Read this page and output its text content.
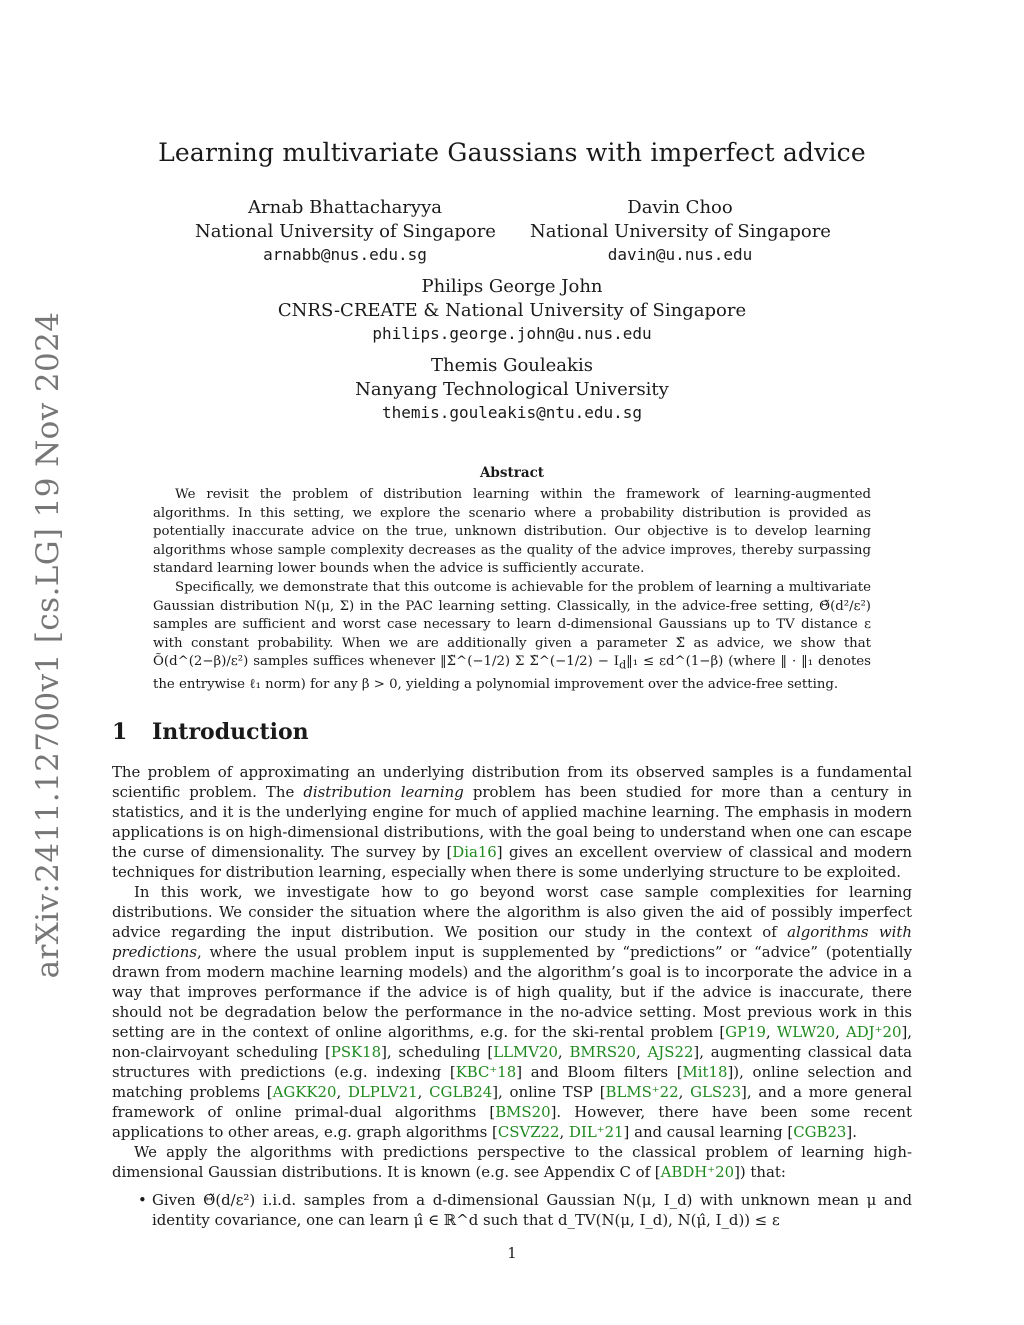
arXiv:2411.12700v1 [cs.LG] 19 Nov 2024
Learning multivariate Gaussians with imperfect advice
Arnab Bhattacharyya
National University of Singapore
arnabb@nus.edu.sg
Davin Choo
National University of Singapore
davin@u.nus.edu
Philips George John
CNRS-CREATE & National University of Singapore
philips.george.john@u.nus.edu
Themis Gouleakis
Nanyang Technological University
themis.gouleakis@ntu.edu.sg
Abstract

We revisit the problem of distribution learning within the framework of learning-augmented algorithms. In this setting, we explore the scenario where a probability distribution is provided as potentially inaccurate advice on the true, unknown distribution. Our objective is to develop learning algorithms whose sample complexity decreases as the quality of the advice improves, thereby surpassing standard learning lower bounds when the advice is sufficiently accurate.

Specifically, we demonstrate that this outcome is achievable for the problem of learning a multivariate Gaussian distribution N(μ, Σ) in the PAC learning setting. Classically, in the advice-free setting, Θ̃(d²/ε²) samples are sufficient and worst case necessary to learn d-dimensional Gaussians up to TV distance ε with constant probability. When we are additionally given a parameter Σ̃ as advice, we show that Õ(d^(2−β)/ε²) samples suffices whenever ‖Σ̃^(−1/2) Σ Σ̃^(−1/2) − $I_d‖_1$ ≤ εd^(1−β) (where ‖ · ‖₁ denotes the entrywise ℓ₁ norm) for any β > 0, yielding a polynomial improvement over the advice-free setting.

1 Introduction

The problem of approximating an underlying distribution from its observed samples is a fundamental scientific problem. The distribution learning problem has been studied for more than a century in statistics, and it is the underlying engine for much of applied machine learning. The emphasis in modern applications is on high-dimensional distributions, with the goal being to understand when one can escape the curse of dimensionality. The survey by [Dia16] gives an excellent overview of classical and modern techniques for distribution learning, especially when there is some underlying structure to be exploited.

In this work, we investigate how to go beyond worst case sample complexities for learning distributions. We consider the situation where the algorithm is also given the aid of possibly imperfect advice regarding the input distribution. We position our study in the context of algorithms with predictions, where the usual problem input is supplemented by “predictions” or “advice” (potentially drawn from modern machine learning models) and the algorithm’s goal is to incorporate the advice in a way that improves performance if the advice is of high quality, but if the advice is inaccurate, there should not be degradation below the performance in the no-advice setting. Most previous work in this setting are in the context of online algorithms, e.g. for the ski-rental problem [GP19, WLW20, ADJ⁺20], non-clairvoyant scheduling [PSK18], scheduling [LLMV20, BMRS20, AJS22], augmenting classical data structures with predictions (e.g. indexing [KBC⁺18] and Bloom filters [Mit18]), online selection and matching problems [AGKK20, DLPLV21, CGLB24], online TSP [BLMS⁺22, GLS23], and a more general framework of online primal-dual algorithms [BMS20]. However, there have been some recent applications to other areas, e.g. graph algorithms [CSVZ22, DIL⁺21] and causal learning [CGB23].

We apply the algorithms with predictions perspective to the classical problem of learning high-dimensional Gaussian distributions. It is known (e.g. see Appendix C of [ABDH⁺20]) that:

• Given Θ̃(d/ε²) i.i.d. samples from a d-dimensional Gaussian N(μ, I_d) with unknown mean μ and identity covariance, one can learn μ̂ ∈ ℝ^d such that d_TV(N(μ, I_d), N(μ̂, I_d)) ≤ ε
1
